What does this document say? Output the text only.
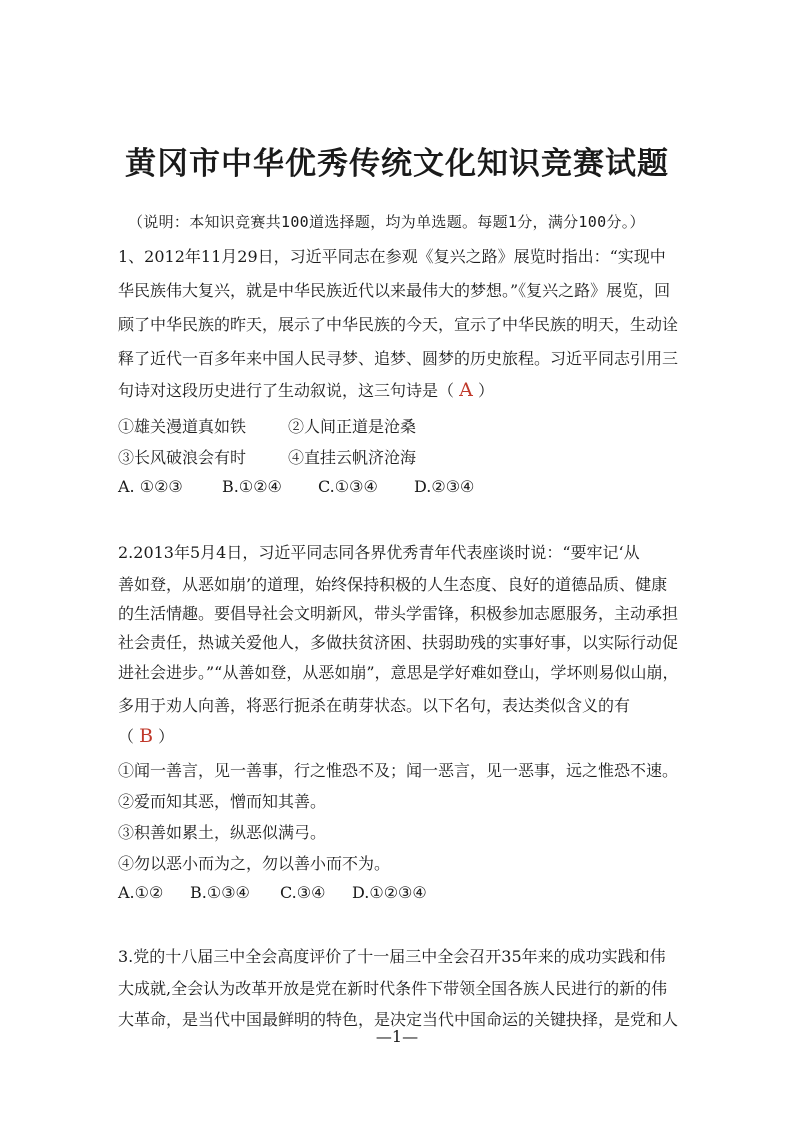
黄冈市中华优秀传统文化知识竞赛试题
（说明：本知识竞赛共100道选择题，均为单选题。每题1分，满分100分。）
1、2012年11月29日，习近平同志在参观《复兴之路》展览时指出：“实现中
华民族伟大复兴，就是中华民族近代以来最伟大的梦想。”《复兴之路》展览，回
顾了中华民族的昨天，展示了中华民族的今天，宣示了中华民族的明天，生动诠
释了近代一百多年来中国人民寻梦、追梦、圆梦的历史旅程。习近平同志引用三
句诗对这段历史进行了生动叙说，这三句诗是（ A ）
①雄关漫道真如铁	②人间正道是沧桑
③长风破浪会有时	④直挂云帆济沧海
A. ①②③ B.①②④ C.①③④ D.②③④
2.2013年5月4日，习近平同志同各界优秀青年代表座谈时说：“要牢记‘从
善如登，从恶如崩’的道理，始终保持积极的人生态度、良好的道德品质、健康
的生活情趣。要倡导社会文明新风，带头学雷锋，积极参加志愿服务，主动承担
社会责任，热诚关爱他人，多做扶贫济困、扶弱助残的实事好事，以实际行动促
进社会进步。”“从善如登，从恶如崩”，意思是学好难如登山，学坏则易似山崩，
多用于劝人向善，将恶行扼杀在萌芽状态。以下名句，表达类似含义的有
（ B ）
①闻一善言，见一善事，行之惟恐不及；闻一恶言，见一恶事，远之惟恐不速。
②爱而知其恶，憎而知其善。
③积善如累土，纵恶似满弓。
④勿以恶小而为之，勿以善小而不为。
A.①② B.①③④ C.③④ D.①②③④
3.党的十八届三中全会高度评价了十一届三中全会召开35年来的成功实践和伟
大成就,全会认为改革开放是党在新时代条件下带领全国各族人民进行的新的伟
大革命，是当代中国最鲜明的特色，是决定当代中国命运的关键抉择，是党和人
—1—
